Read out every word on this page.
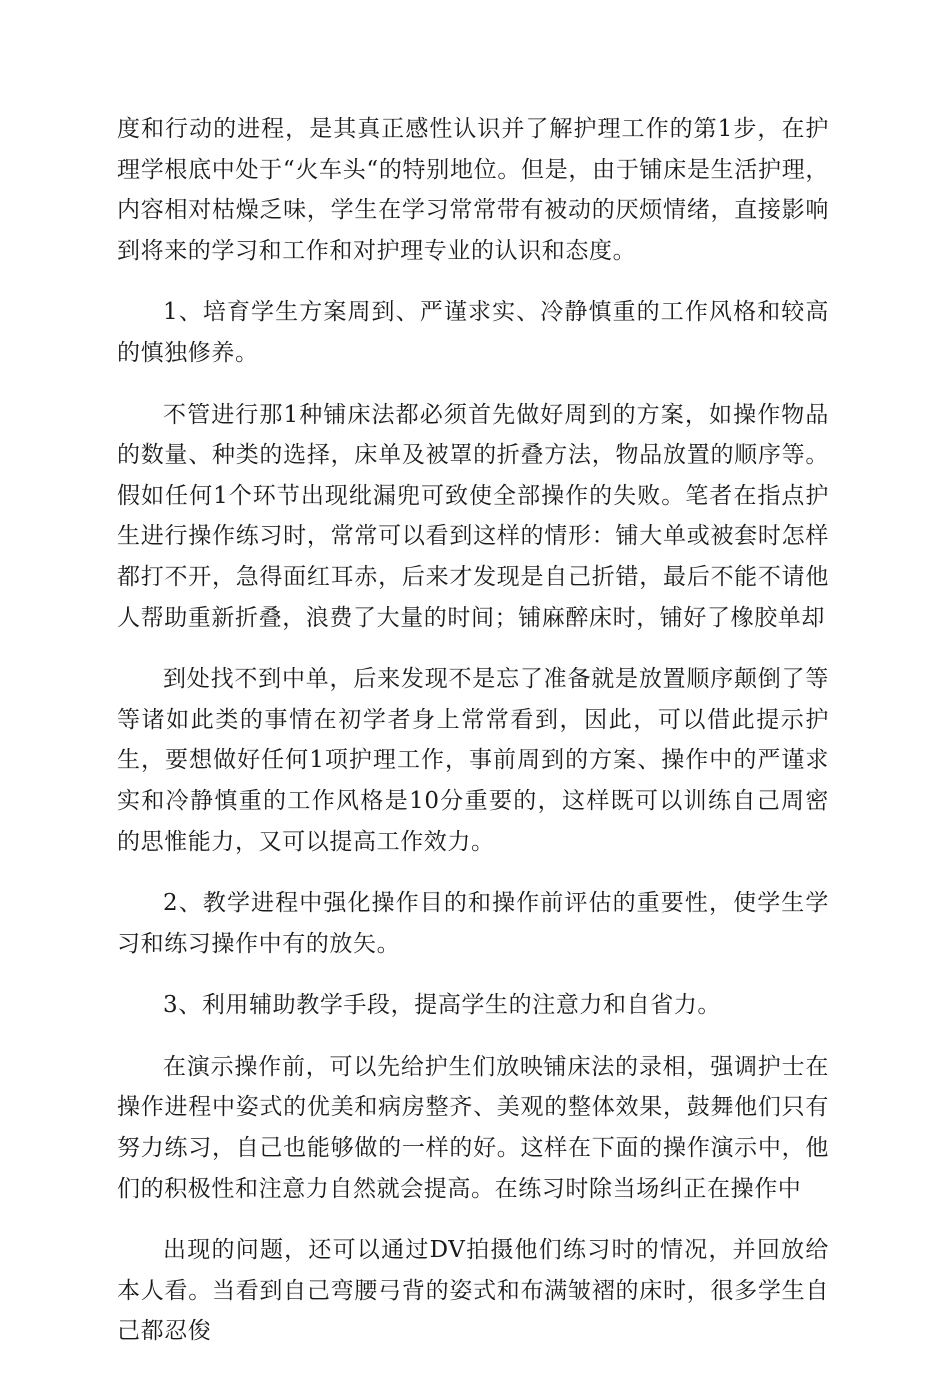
度和行动的进程，是其真正感性认识并了解护理工作的第1步，在护理学根底中处于“火车头“的特别地位。但是，由于铺床是生活护理，内容相对枯燥乏味，学生在学习常常带有被动的厌烦情绪，直接影响到将来的学习和工作和对护理专业的认识和态度。

1、培育学生方案周到、严谨求实、冷静慎重的工作风格和较高的慎独修养。

不管进行那1种铺床法都必须首先做好周到的方案，如操作物品的数量、种类的选择，床单及被罩的折叠方法，物品放置的顺序等。假如任何1个环节出现纰漏兜可致使全部操作的失败。笔者在指点护生进行操作练习时，常常可以看到这样的情形：铺大单或被套时怎样都打不开，急得面红耳赤，后来才发现是自己折错，最后不能不请他人帮助重新折叠，浪费了大量的时间；铺麻醉床时，铺好了橡胶单却

到处找不到中单，后来发现不是忘了准备就是放置顺序颠倒了等等诸如此类的事情在初学者身上常常看到，因此，可以借此提示护生，要想做好任何1项护理工作，事前周到的方案、操作中的严谨求实和冷静慎重的工作风格是10分重要的，这样既可以训练自己周密的思惟能力，又可以提高工作效力。

2、教学进程中强化操作目的和操作前评估的重要性，使学生学习和练习操作中有的放矢。

3、利用辅助教学手段，提高学生的注意力和自省力。

在演示操作前，可以先给护生们放映铺床法的录相，强调护士在操作进程中姿式的优美和病房整齐、美观的整体效果，鼓舞他们只有努力练习，自己也能够做的一样的好。这样在下面的操作演示中，他们的积极性和注意力自然就会提高。在练习时除当场纠正在操作中

出现的问题，还可以通过DV拍摄他们练习时的情况，并回放给本人看。当看到自己弯腰弓背的姿式和布满皱褶的床时，很多学生自己都忍俊
